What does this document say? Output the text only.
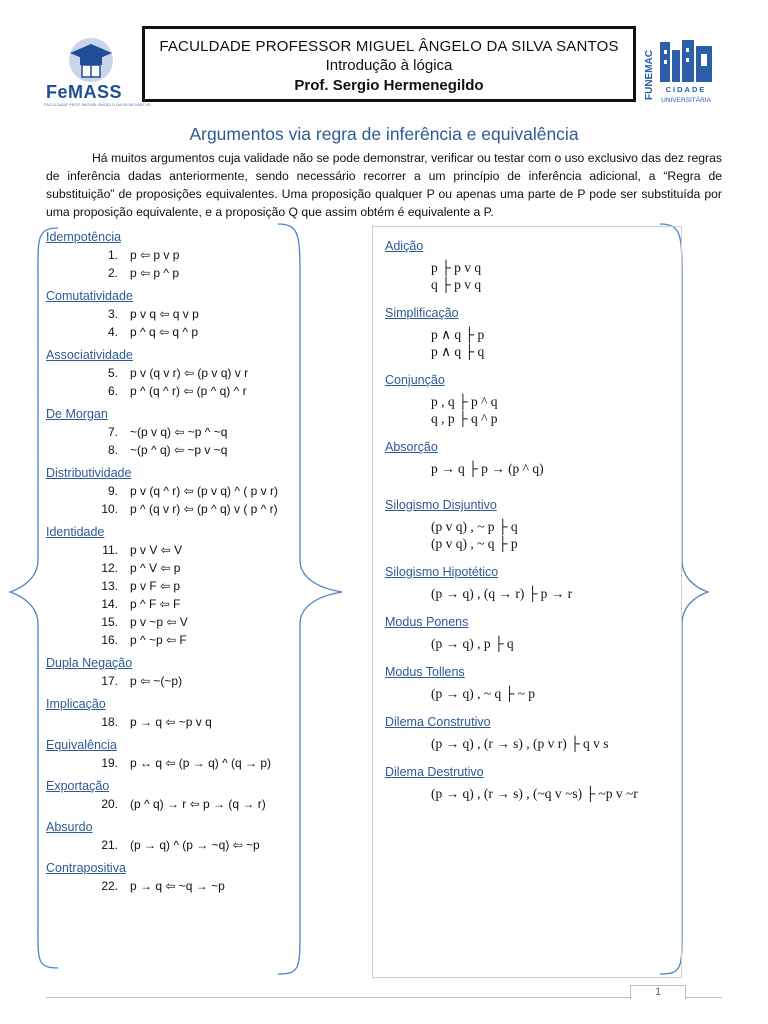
FeMASS
FACULDADE PROF. MIGUEL ÂNGELO DA SILVA SANTOS
FACULDADE PROFESSOR MIGUEL ÂNGELO DA SILVA SANTOS
Introdução à lógica
Prof. Sergio Hermenegildo	FUNEMAC CIDADE
UNIVERSITÁRIA
Argumentos via regra de inferência e equivalência
Há muitos argumentos cuja validade não se pode demonstrar, verificar ou testar com o uso exclusivo das dez regras de inferência dadas anteriormente, sendo necessário recorrer a um princípio de inferência adicional, a “Regra de substituição” de proposições equivalentes. Uma proposição qualquer P ou apenas uma parte de P pode ser substituída por uma proposição equivalente, e a proposição Q que assim obtém é equivalente a P.
Idempotência
1.	p ⇦ p v p
2.	p ⇦ p ^ p
Comutatividade
3.	p v q ⇦ q v p
4.	p ^ q ⇦ q ^ p
Associatividade
5.	p v (q v r) ⇦ (p v q) v r
6.	p ^ (q ^ r) ⇦ (p ^ q) ^ r
De Morgan
7.	~(p v q) ⇦ ~p ^ ~q
8.	~(p ^ q) ⇦ ~p v ~q
Distributividade
9.	p v (q ^ r) ⇦ (p v q) ^ ( p v r)
10.	p ^ (q v r) ⇦ (p ^ q) v ( p ^ r)
Identidade
11.	p v V ⇦ V
12.	p ^ V ⇦ p
13.	p v F ⇦ p
14.	p ^ F ⇦ F
15.	p v ~p ⇦ V
16.	p ^ ~p ⇦ F
Dupla Negação
17.	p ⇦ ~(~p)
Implicação
18.	p → q ⇦ ~p v q
Equivalência
19.	p ↔ q ⇦ (p → q) ^ (q → p)
Exportação
20.	(p ^ q) → r ⇦ p → (q → r)
Absurdo
21.	(p → q) ^ (p → ~q) ⇦ ~p
Contrapositiva
22.	p → q ⇦ ~q → ~p
Adição
p ├ p v q
q ├ p v q
Simplificação
p ∧ q ├ p
p ∧ q ├ q
Conjunção
p , q ├ p ^ q
q , p ├ q ^ p
Absorção
p → q ├ p → (p ^ q)
Silogismo Disjuntivo
(p v q) , ~ p ├ q
(p v q) , ~ q ├ p
Silogismo Hipotético
(p → q) , (q → r) ├ p → r
Modus Ponens
(p → q) , p ├ q
Modus Tollens
(p → q) , ~ q ├ ~ p
Dilema Construtivo
(p → q) , (r → s) , (p v r) ├ q v s
Dilema Destrutivo
(p → q) , (r → s) , (~q v ~s) ├ ~p v ~r
1
